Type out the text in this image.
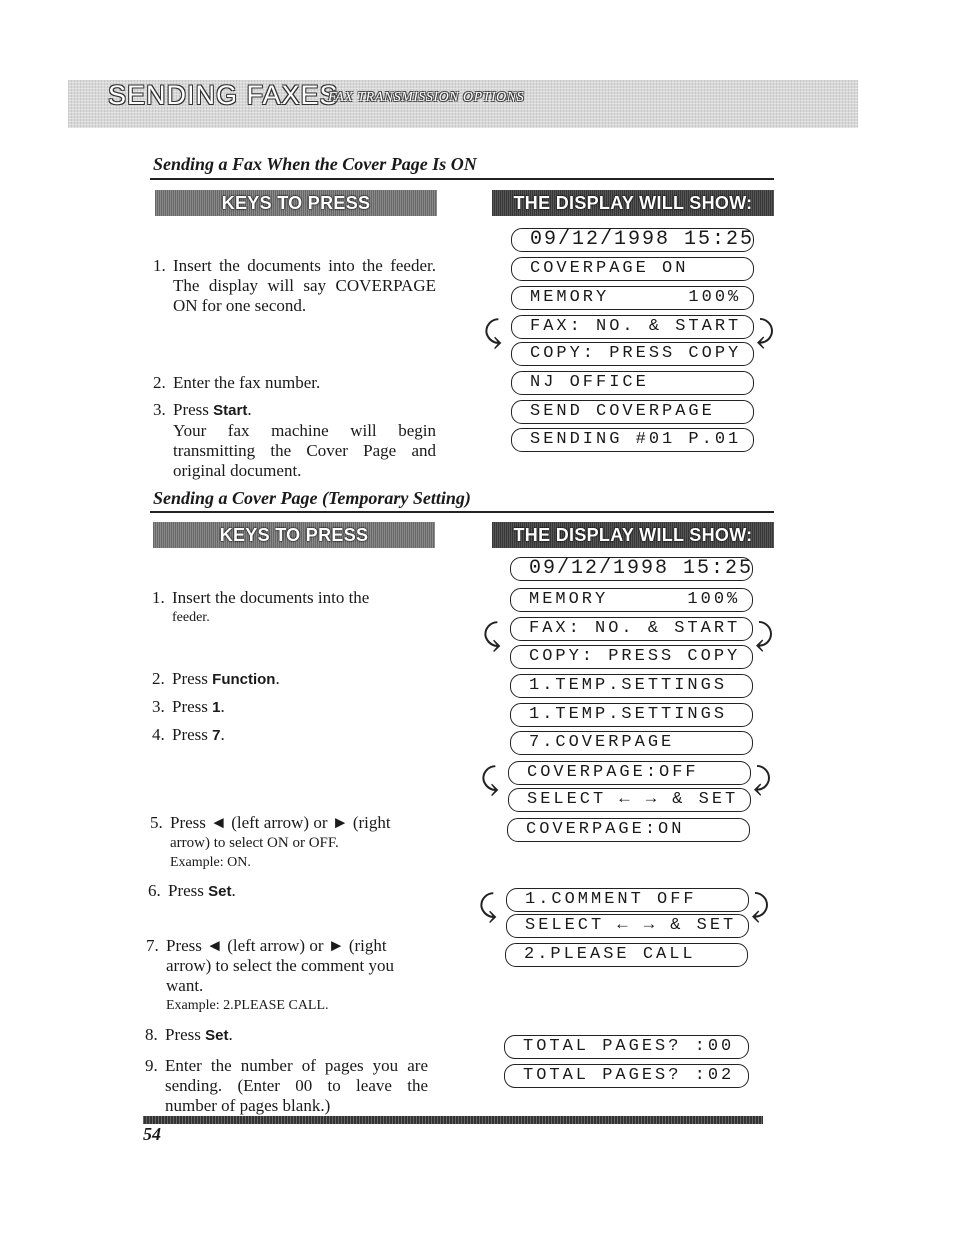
SENDING FAXES
FAX TRANSMISSION OPTIONS
Sending a Fax When the Cover Page Is ON
KEYS TO PRESS	THE DISPLAY WILL SHOW:
1. Insert the documents into the feeder. The display will say COVERPAGE ON for one second.
2. Enter the fax number.
3. Press Start.
Your fax machine will begin transmitting the Cover Page and original document.
09/12/1998 15:25
COVERPAGE ON
MEMORY      100%
FAX: NO. & START
COPY: PRESS COPY
⤹	⤸
NJ OFFICE
SEND COVERPAGE
SENDING #01 P.01
Sending a Cover Page (Temporary Setting)
KEYS TO PRESS	THE DISPLAY WILL SHOW:
1. Insert the documents into the
feeder.
2. Press Function.
3. Press 1.
4. Press 7.
5. Press ◄ (left arrow) or ► (right
arrow) to select ON or OFF.
Example: ON.
6. Press Set.
7. Press ◄ (left arrow) or ► (right arrow) to select the comment you want.
Example: 2.PLEASE CALL.
8. Press Set.
9. Enter the number of pages you are sending. (Enter 00 to leave the number of pages blank.)
09/12/1998 15:25
MEMORY      100%
FAX: NO. & START
COPY: PRESS COPY
⤹	⤸
1.TEMP.SETTINGS
1.TEMP.SETTINGS
7.COVERPAGE
COVERPAGE:OFF
SELECT ← → & SET
⤹	⤸
COVERPAGE:ON
1.COMMENT OFF
SELECT ← → & SET
⤹	⤸
2.PLEASE CALL
TOTAL PAGES? :00
TOTAL PAGES? :02
54
